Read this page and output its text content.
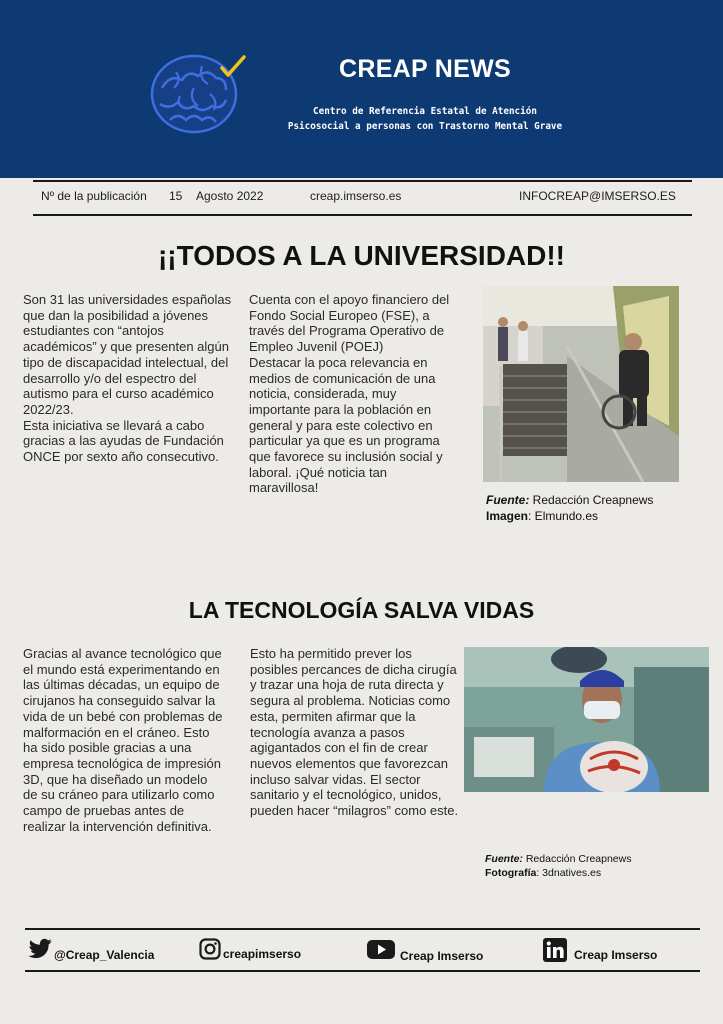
CREAP NEWS
Centro de Referencia Estatal de Atención
Psicosocial a personas con Trastorno Mental Grave
Nº de la publicación 15 Agosto 2022	creap.imserso.es	INFOCREAP@IMSERSO.ES
¡¡TODOS A LA UNIVERSIDAD!!

Son 31 las universidades españolas que dan la posibilidad a jóvenes estudiantes con “antojos académicos” y que presenten algún tipo de discapacidad intelectual, del desarrollo y/o del espectro del autismo para el curso académico 2022/23.

Esta iniciativa se llevará a cabo gracias a las ayudas de Fundación ONCE por sexto año consecutivo.

Cuenta con el apoyo financiero del Fondo Social Europeo (FSE), a través del Programa Operativo de Empleo Juvenil (POEJ)

Destacar la poca relevancia en medios de comunicación de una noticia, considerada, muy importante para la población en general y para este colectivo en particular ya que es un programa que favorece su inclusión social y laboral. ¡Qué noticia tan maravillosa!

Fuente: Redacción Creapnews
Imagen: Elmundo.es
LA TECNOLOGÍA SALVA VIDAS

Gracias al avance tecnológico que el mundo está experimentando en las últimas décadas, un equipo de cirujanos ha conseguido salvar la vida de un bebé con problemas de malformación en el cráneo. Esto ha sido posible gracias a una empresa tecnológica de impresión 3D, que ha diseñado un modelo de su cráneo para utilizarlo como campo de pruebas antes de realizar la intervención definitiva.

Esto ha permitido prever los posibles percances de dicha cirugía y trazar una hoja de ruta directa y segura al problema. Noticias como esta, permiten afirmar que la tecnología avanza a pasos agigantados con el fin de crear nuevos elementos que favorezcan incluso salvar vidas. El sector sanitario y el tecnológico, unidos, pueden hacer “milagros” como este.

Fuente: Redacción Creapnews
Fotografía: 3dnatives.es
@Creap_Valencia	creapimserso	Creap Imserso	Creap Imserso
